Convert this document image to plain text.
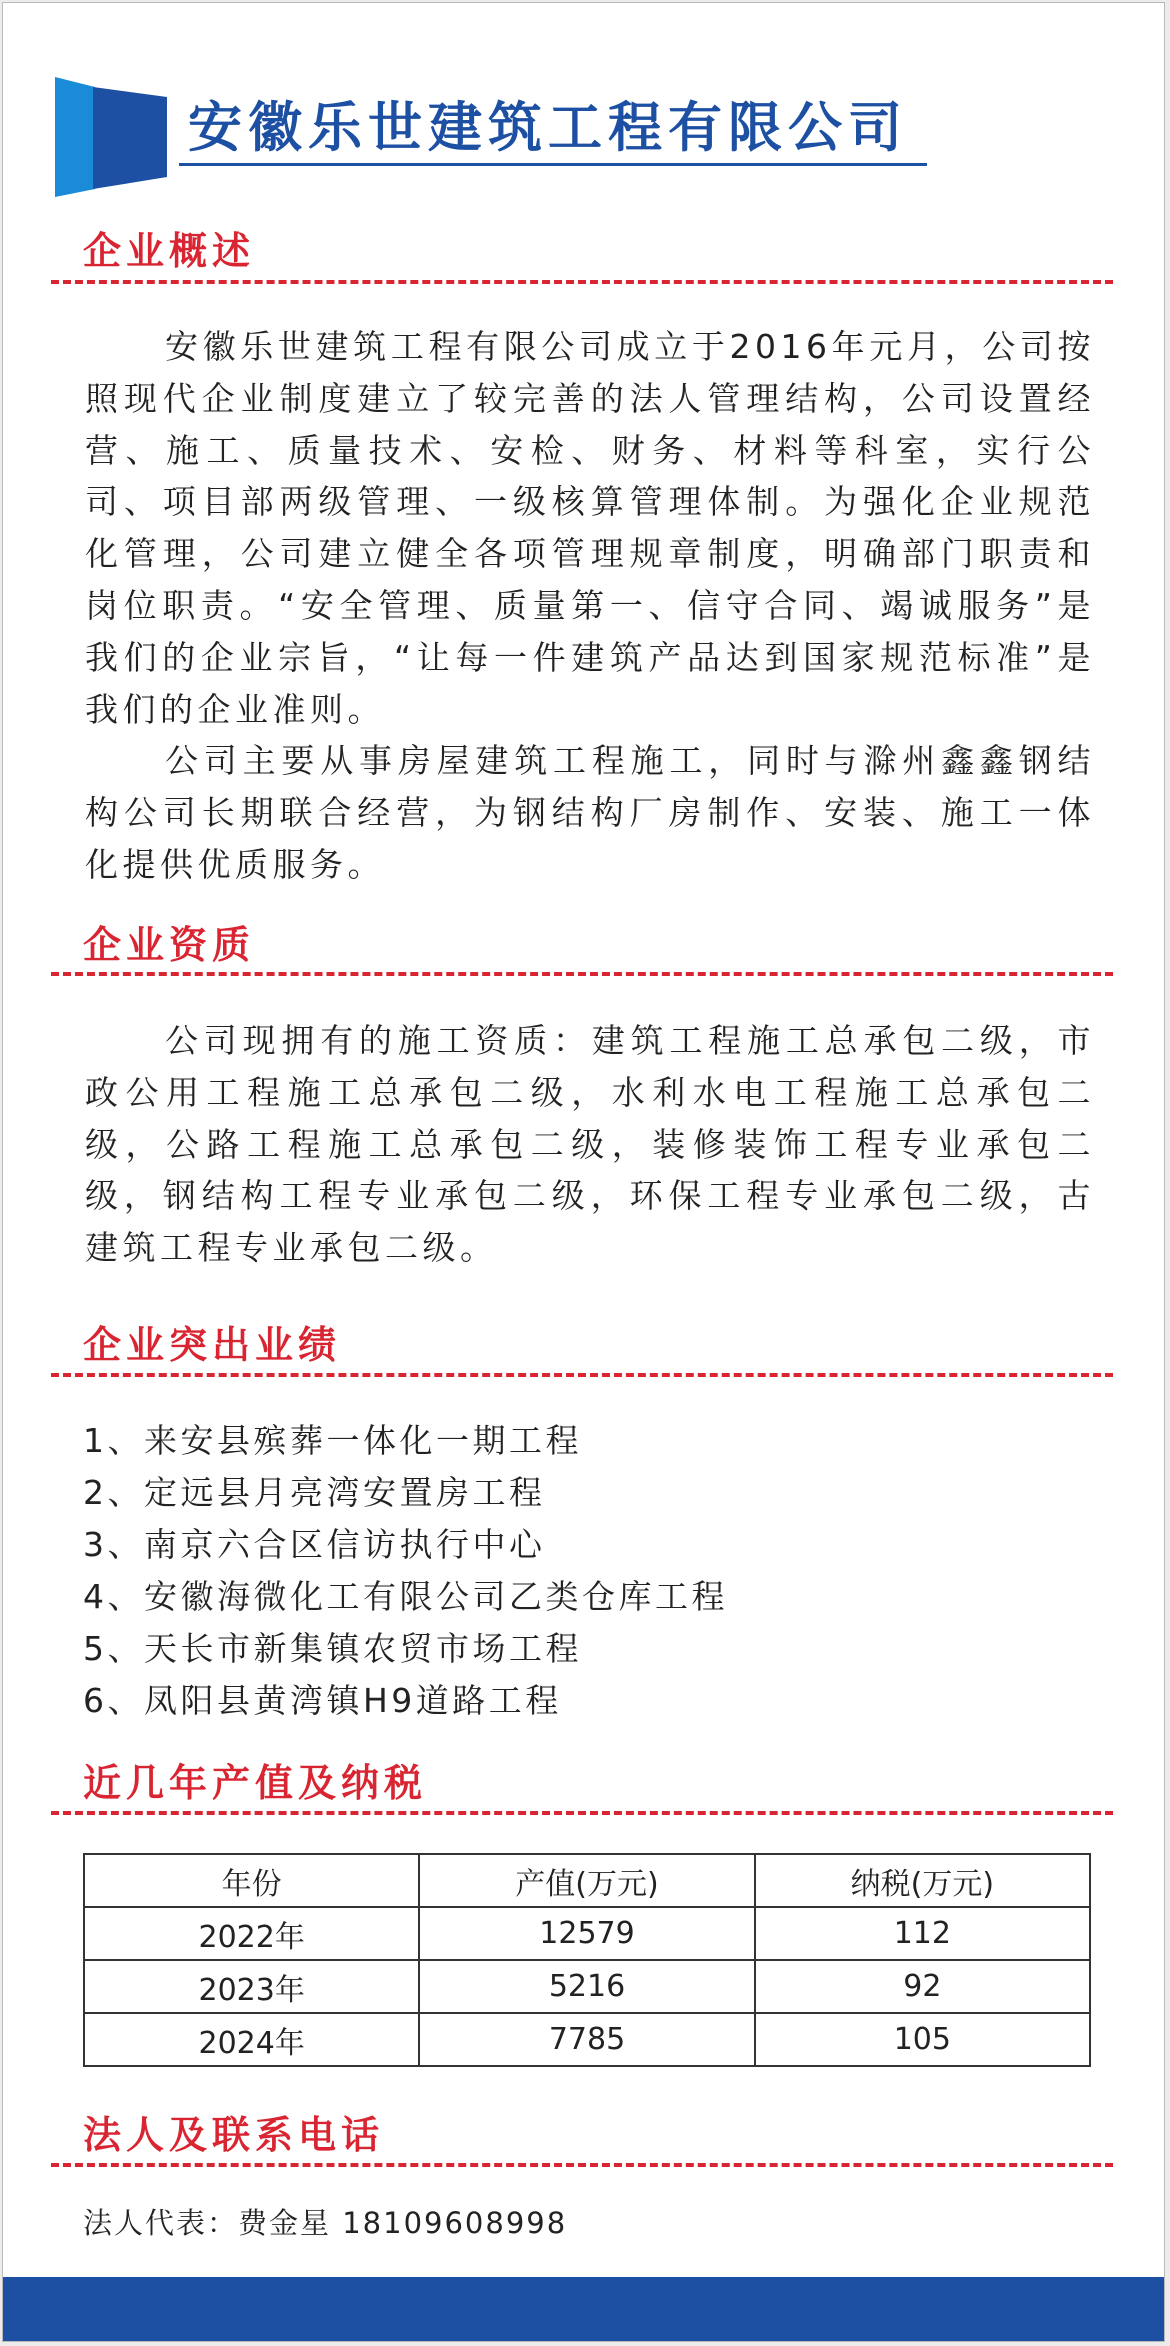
安徽乐世建筑工程有限公司
企业概述

安徽乐世建筑工程有限公司成立于2016年元月，公司按照现代企业制度建立了较完善的法人管理结构，公司设置经营、施工、质量技术、安检、财务、材料等科室，实行公司、项目部两级管理、一级核算管理体制。为强化企业规范化管理，公司建立健全各项管理规章制度，明确部门职责和岗位职责。“安全管理、质量第一、信守合同、竭诚服务”是我们的企业宗旨，“让每一件建筑产品达到国家规范标准”是我们的企业准则。

公司主要从事房屋建筑工程施工，同时与滁州鑫鑫钢结构公司长期联合经营，为钢结构厂房制作、安装、施工一体化提供优质服务。

企业资质

公司现拥有的施工资质：建筑工程施工总承包二级，市政公用工程施工总承包二级，水利水电工程施工总承包二级，公路工程施工总承包二级，装修装饰工程专业承包二级，钢结构工程专业承包二级，环保工程专业承包二级，古建筑工程专业承包二级。

企业突出业绩
1、来安县殡葬一体化一期工程
2、定远县月亮湾安置房工程
3、南京六合区信访执行中心
4、安徽海微化工有限公司乙类仓库工程
5、天长市新集镇农贸市场工程
6、凤阳县黄湾镇H9道路工程
近几年产值及纳税
年份	产值(万元)	纳税(万元)
2022年	12579	112
2023年	5216	92
2024年	7785	105
法人及联系电话
法人代表：费金星 18109608998
